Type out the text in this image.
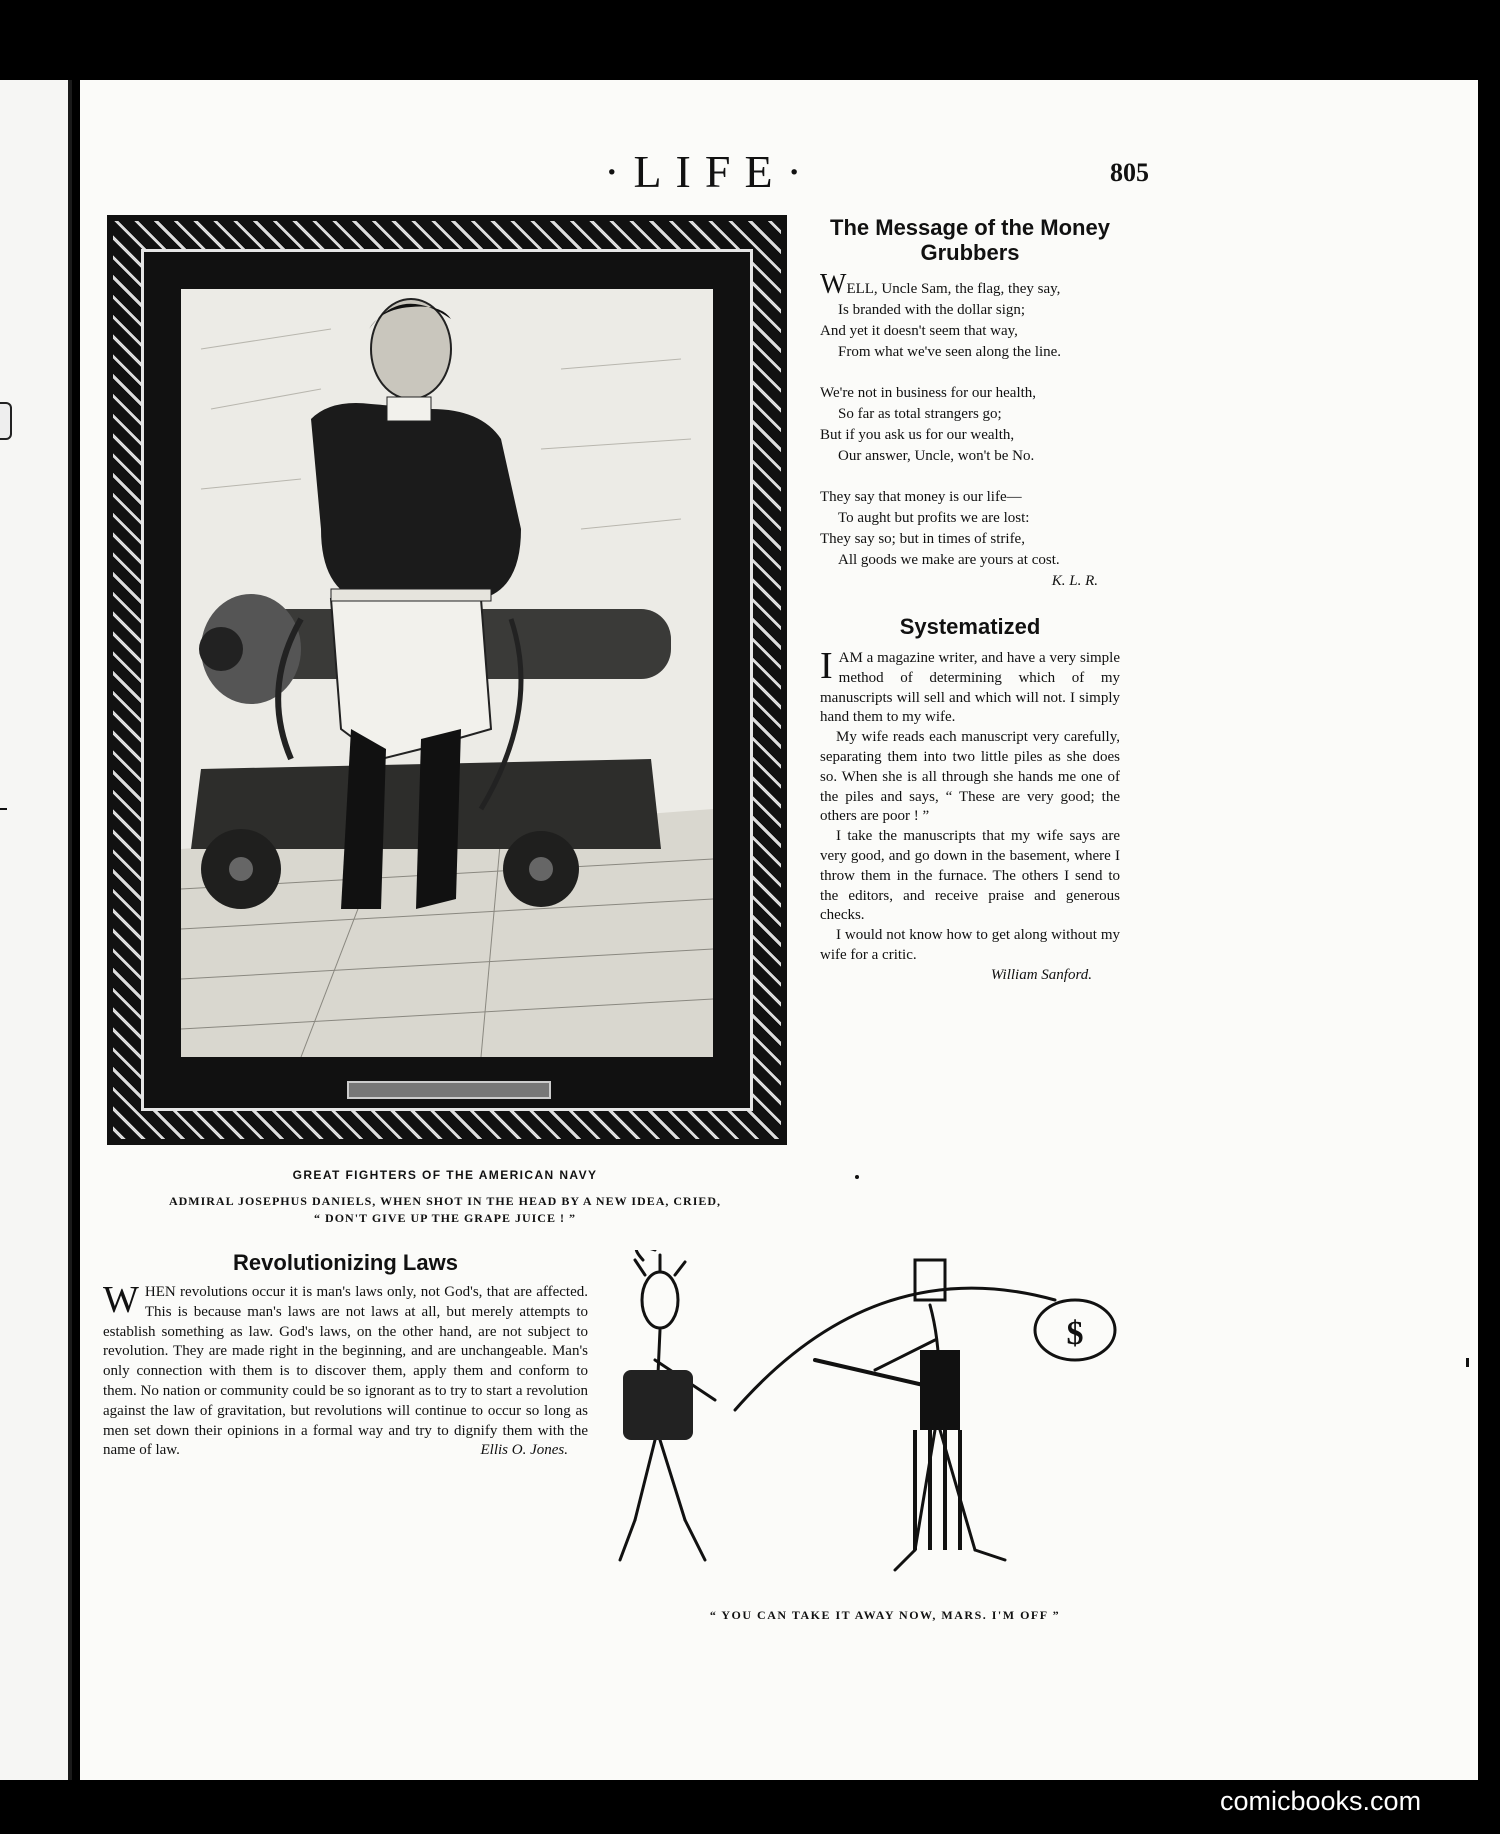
·LIFE·	805
GREAT FIGHTERS OF THE AMERICAN NAVY
ADMIRAL JOSEPHUS DANIELS, WHEN SHOT IN THE HEAD BY A NEW IDEA, CRIED,
“ DON'T GIVE UP THE GRAPE JUICE ! ”
The Message of the Money
Grubbers
WELL, Uncle Sam, the flag, they say,
Is branded with the dollar sign;
And yet it doesn't seem that way,
From what we've seen along the line.
We're not in business for our health,
So far as total strangers go;
But if you ask us for our wealth,
Our answer, Uncle, won't be No.
They say that money is our life—
To aught but profits we are lost:
They say so; but in times of strife,
All goods we make are yours at cost.
K. L. R.
Systematized

IAM a magazine writer, and have a very simple method of determining which of my manuscripts will sell and which will not. I simply hand them to my wife.

My wife reads each manuscript very carefully, separating them into two little piles as she does so. When she is all through she hands me one of the piles and says, “ These are very good; the others are poor ! ”

I take the manuscripts that my wife says are very good, and go down in the basement, where I throw them in the furnace. The others I send to the editors, and receive praise and generous checks.

I would not know how to get along without my wife for a critic.

William Sanford.
Revolutionizing Laws

WHEN revolutions occur it is man's laws only, not God's, that are affected. This is because man's laws are not laws at all, but merely attempts to establish something as law. God's laws, on the other hand, are not subject to revolution. They are made right in the beginning, and are unchangeable. Man's only connection with them is to discover them, apply them and conform to them. No nation or community could be so ignorant as to try to start a revolution against the law of gravitation, but revolutions will continue to occur so long as men set down their opinions in a formal way and try to dignify them with the name of law.	Ellis O. Jones.
$
“ YOU CAN TAKE IT AWAY NOW, MARS. I'M OFF ”
comicbooks.com
